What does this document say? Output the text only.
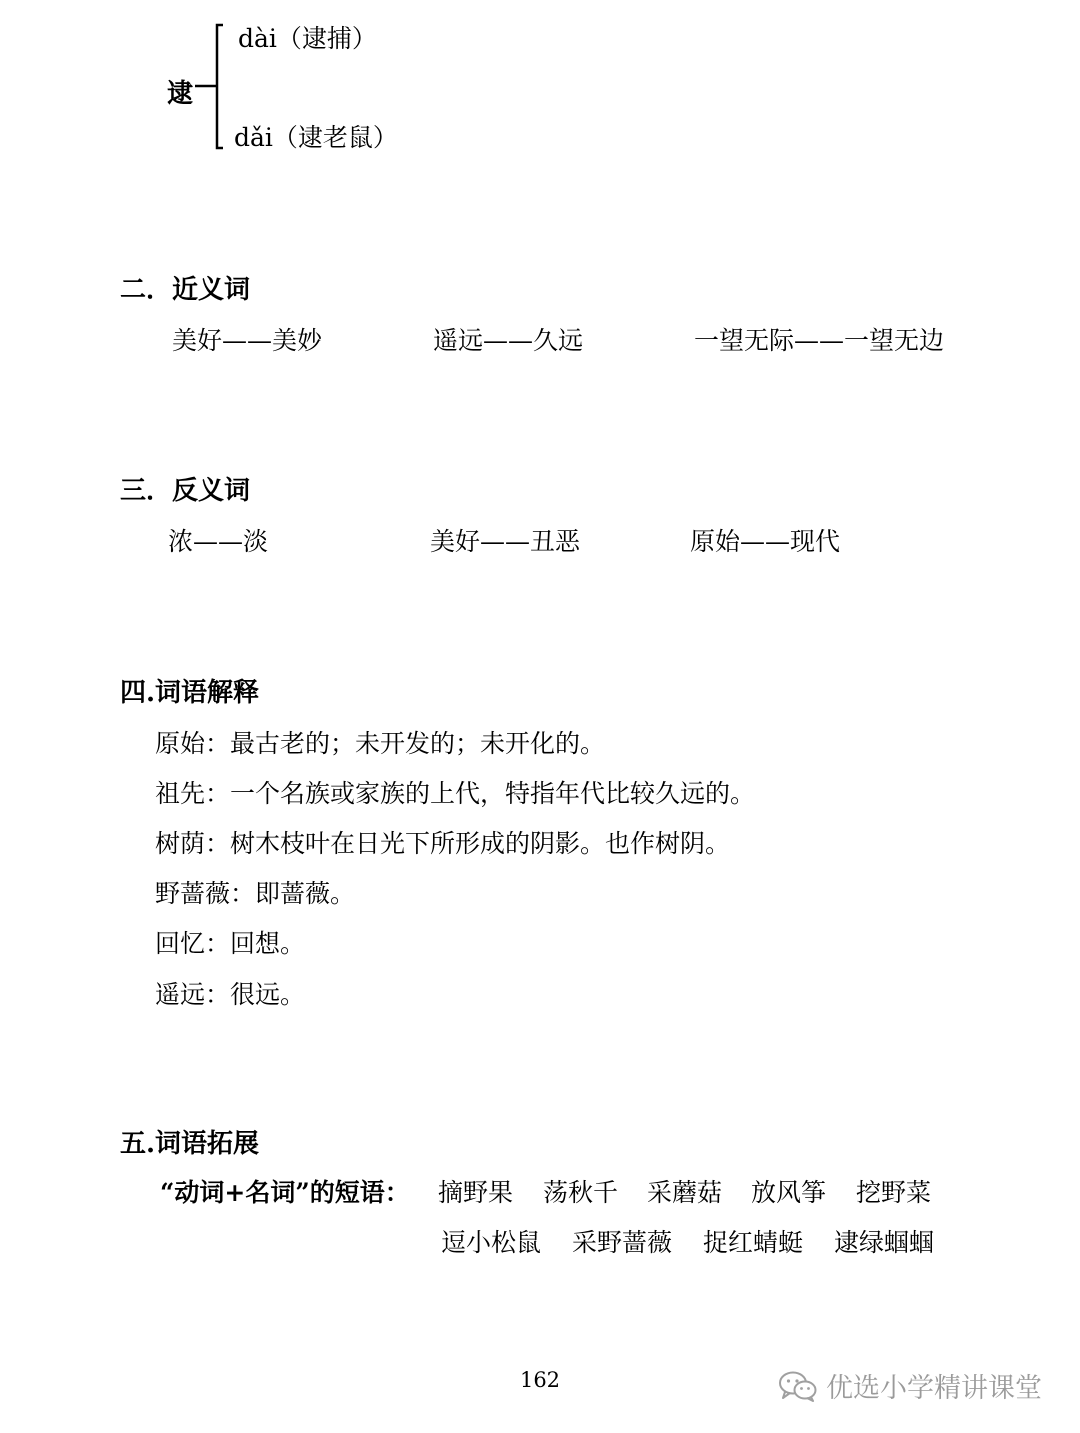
逮
dài（逮捕）
dǎi（逮老鼠）
二．近义词
美好——美妙	遥远——久远	一望无际——一望无边
三．反义词
浓——淡	美好——丑恶	原始——现代
四.词语解释
原始：最古老的；未开发的；未开化的。
祖先：一个名族或家族的上代，特指年代比较久远的。
树荫：树木枝叶在日光下所形成的阴影。也作树阴。
野蔷薇：即蔷薇。
回忆：回想。
遥远：很远。
五.词语拓展
“动词+名词”的短语： 摘野果 荡秋千 采蘑菇 放风筝 挖野菜
逗小松鼠 采野蔷薇 捉红蜻蜓 逮绿蝈蝈
162	优选小学精讲课堂
